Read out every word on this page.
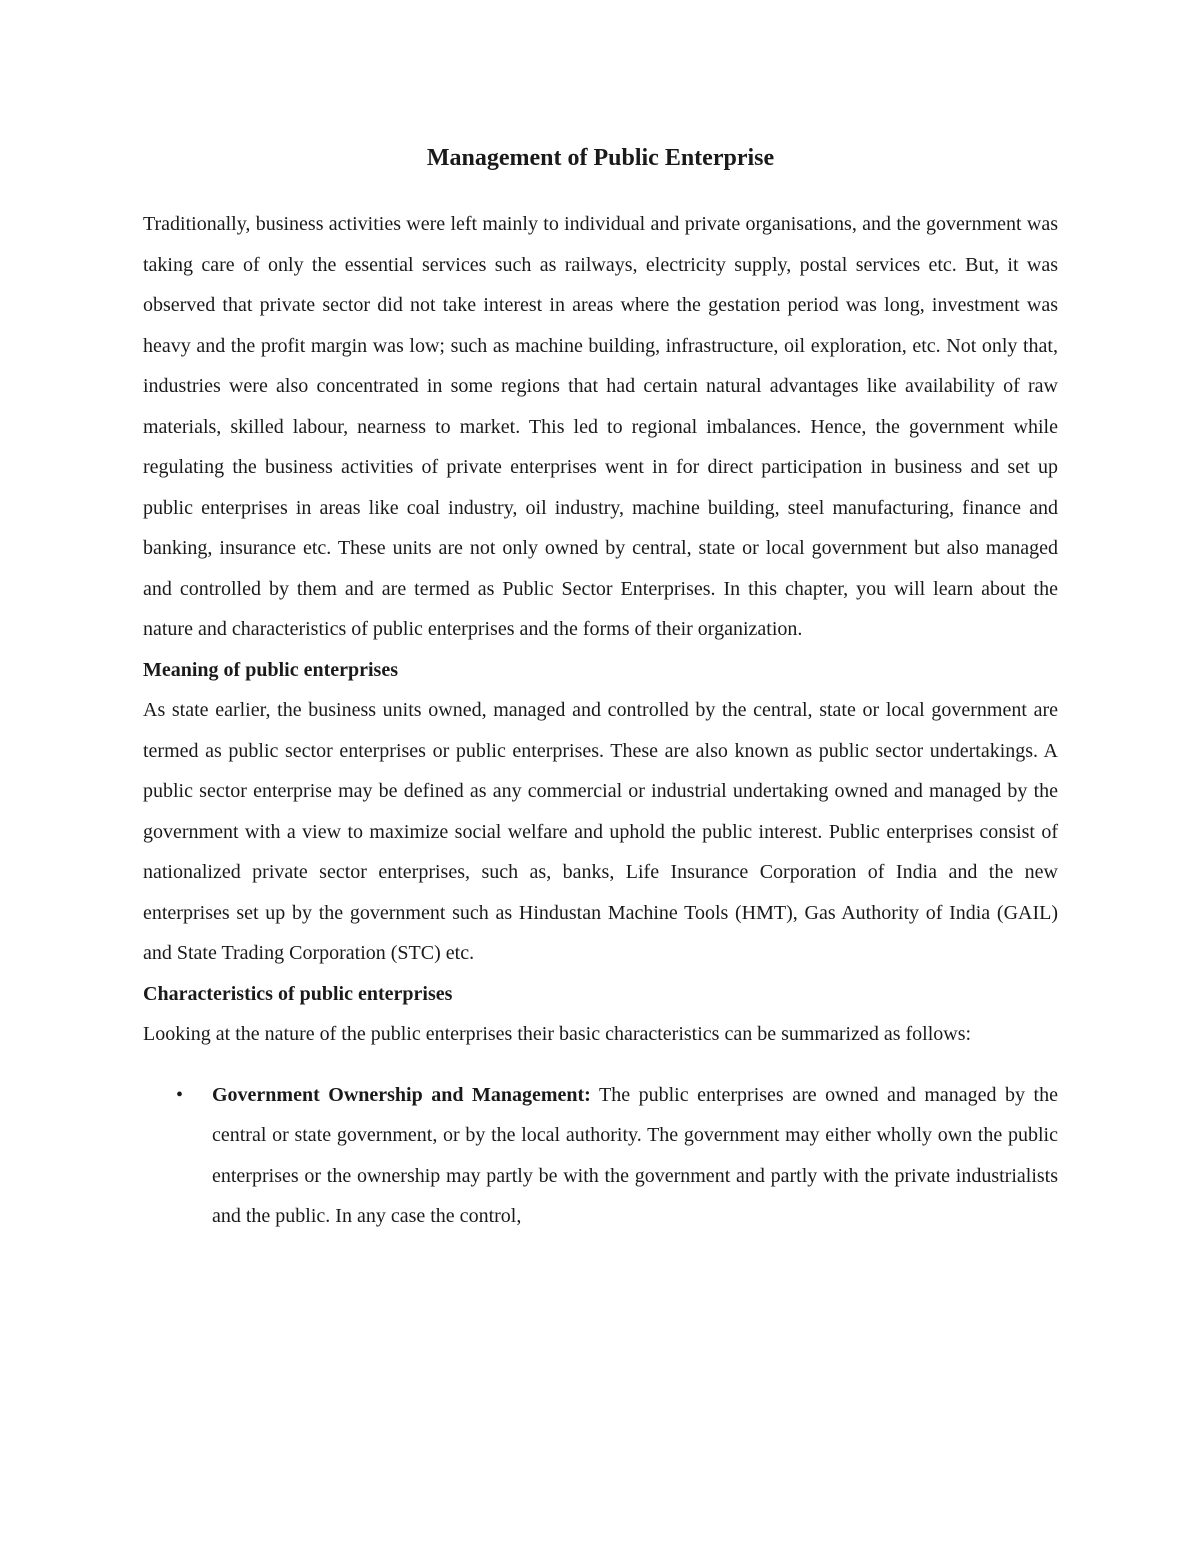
Management of Public Enterprise

Traditionally, business activities were left mainly to individual and private organisations, and the government was taking care of only the essential services such as railways, electricity supply, postal services etc. But, it was observed that private sector did not take interest in areas where the gestation period was long, investment was heavy and the profit margin was low; such as machine building, infrastructure, oil exploration, etc. Not only that, industries were also concentrated in some regions that had certain natural advantages like availability of raw materials, skilled labour, nearness to market. This led to regional imbalances. Hence, the government while regulating the business activities of private enterprises went in for direct participation in business and set up public enterprises in areas like coal industry, oil industry, machine building, steel manufacturing, finance and banking, insurance etc. These units are not only owned by central, state or local government but also managed and controlled by them and are termed as Public Sector Enterprises. In this chapter, you will learn about the nature and characteristics of public enterprises and the forms of their organization.

Meaning of public enterprises

As state earlier, the business units owned, managed and controlled by the central, state or local government are termed as public sector enterprises or public enterprises. These are also known as public sector undertakings. A public sector enterprise may be defined as any commercial or industrial undertaking owned and managed by the government with a view to maximize social welfare and uphold the public interest. Public enterprises consist of nationalized private sector enterprises, such as, banks, Life Insurance Corporation of India and the new enterprises set up by the government such as Hindustan Machine Tools (HMT), Gas Authority of India (GAIL) and State Trading Corporation (STC) etc.

Characteristics of public enterprises

Looking at the nature of the public enterprises their basic characteristics can be summarized as follows:

• Government Ownership and Management: The public enterprises are owned and managed by the central or state government, or by the local authority. The government may either wholly own the public enterprises or the ownership may partly be with the government and partly with the private industrialists and the public. In any case the control,
